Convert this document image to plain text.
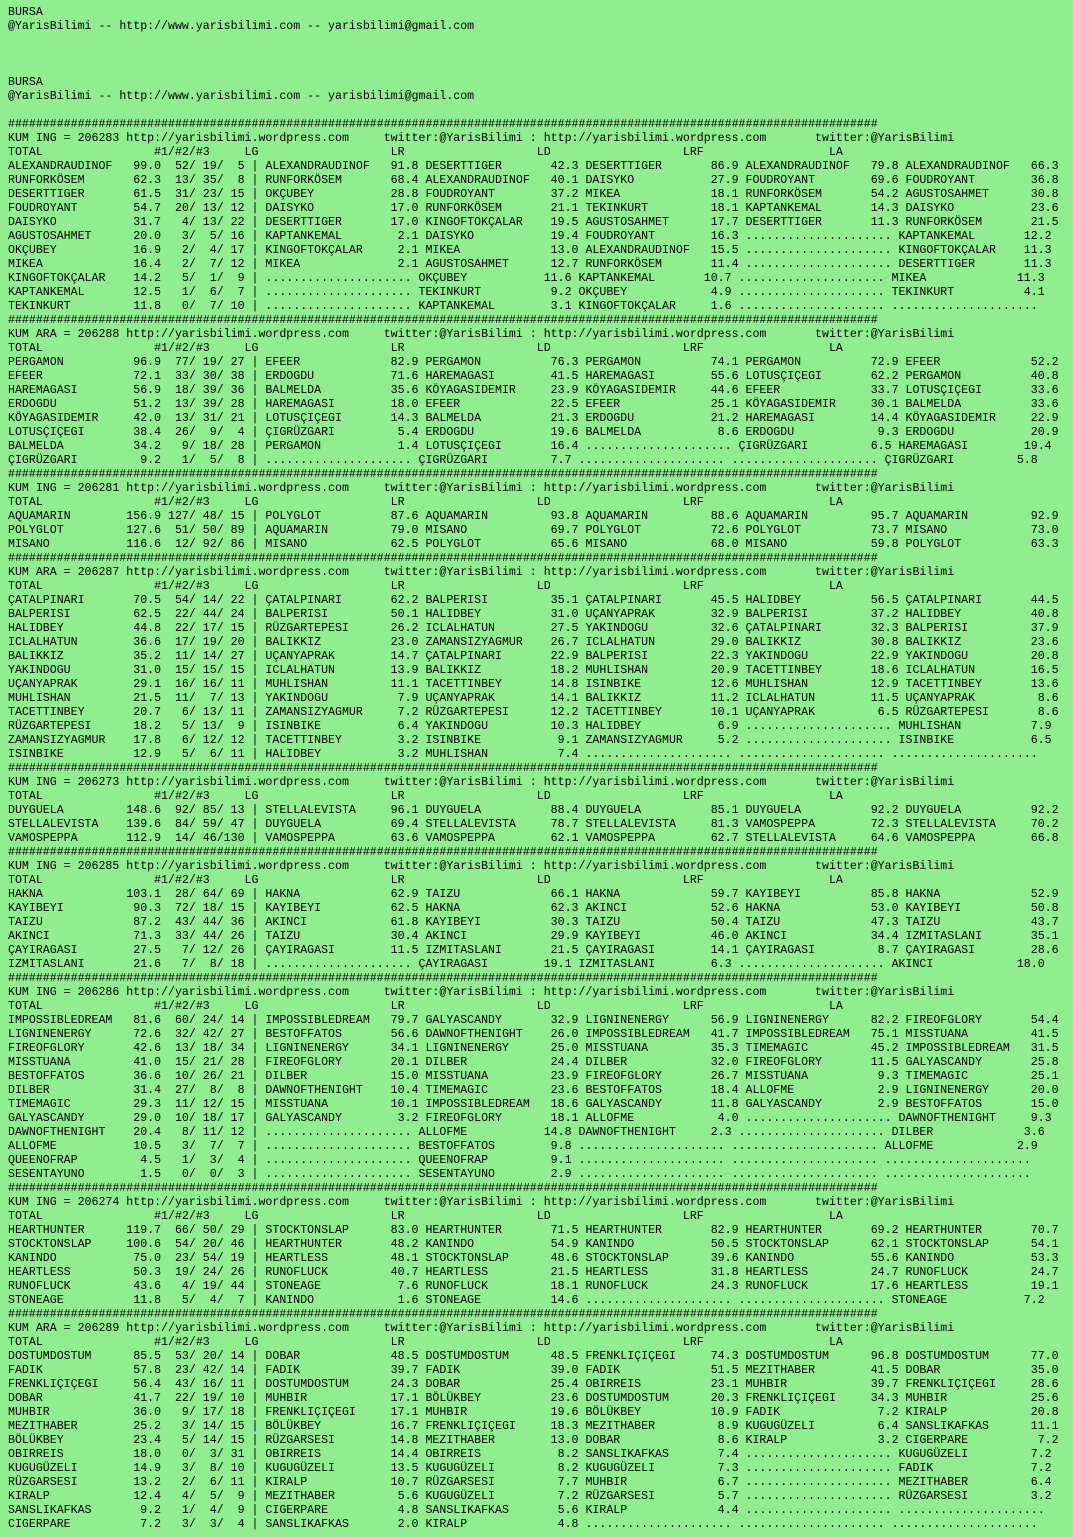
BURSA
@YarisBilimi -- http://www.yarisbilimi.com -- yarisbilimi@gmail.com

BURSA
@YarisBilimi -- http://www.yarisbilimi.com -- yarisbilimi@gmail.com

#############################################################################################################################
KUM ING = 206283 http://yarisbilimi.wordpress.com     twitter:@YarisBilimi : http://yarisbilimi.wordpress.com       twitter:@YarisBilimi
TOTAL                #1/#2/#3     LG                   LR                   LD                   LRF                  LA
ALEXANDRAUDINOF   99.0  52/ 19/  5 | ALEXANDRAUDINOF   91.8 DESERTTIGER       42.3 DESERTTIGER       86.9 ALEXANDRAUDINOF   79.8 ALEXANDRAUDINOF   66.3
RUNFORKÖSEM       62.3  13/ 35/  8 | RUNFORKÖSEM       68.4 ALEXANDRAUDINOF   40.1 DAISYKO           27.9 FOUDROYANT        69.6 FOUDROYANT        36.8
DESERTTIGER       61.5  31/ 23/ 15 | OKÇUBEY           28.8 FOUDROYANT        37.2 MIKEA             18.1 RUNFORKÖSEM       54.2 AGUSTOSAHMET      30.8
FOUDROYANT        54.7  20/ 13/ 12 | DAISYKO           17.0 RUNFORKÖSEM       21.1 TEKINKURT         18.1 KAPTANKEMAL       14.3 DAISYKO           23.6
DAISYKO           31.7   4/ 13/ 22 | DESERTTIGER       17.0 KINGOFTOKÇALAR    19.5 AGUSTOSAHMET      17.7 DESERTTIGER       11.3 RUNFORKÖSEM       21.5
AGUSTOSAHMET      20.0   3/  5/ 16 | KAPTANKEMAL        2.1 DAISYKO           19.4 FOUDROYANT        16.3 ..................... KAPTANKEMAL       12.2
OKÇUBEY           16.9   2/  4/ 17 | KINGOFTOKÇALAR     2.1 MIKEA             13.0 ALEXANDRAUDINOF   15.5 ..................... KINGOFTOKÇALAR    11.3
MIKEA             16.4   2/  7/ 12 | MIKEA              2.1 AGUSTOSAHMET      12.7 RUNFORKÖSEM       11.4 ..................... DESERTTIGER       11.3
KINGOFTOKÇALAR    14.2   5/  1/  9 | ..................... OKÇUBEY           11.6 KAPTANKEMAL       10.7 ..................... MIKEA             11.3
KAPTANKEMAL       12.5   1/  6/  7 | ..................... TEKINKURT          9.2 OKÇUBEY            4.9 ..................... TEKINKURT          4.1
TEKINKURT         11.8   0/  7/ 10 | ..................... KAPTANKEMAL        3.1 KINGOFTOKÇALAR     1.6 ..................... .....................
#############################################################################################################################
KUM ARA = 206288 http://yarisbilimi.wordpress.com     twitter:@YarisBilimi : http://yarisbilimi.wordpress.com       twitter:@YarisBilimi
TOTAL                #1/#2/#3     LG                   LR                   LD                   LRF                  LA
PERGAMON          96.9  77/ 19/ 27 | EFEER             82.9 PERGAMON          76.3 PERGAMON          74.1 PERGAMON          72.9 EFEER             52.2
EFEER             72.1  33/ 30/ 38 | ERDOGDU           71.6 HAREMAGASI        41.5 HAREMAGASI        55.6 LOTUSÇIÇEGI       62.2 PERGAMON          40.8
HAREMAGASI        56.9  18/ 39/ 36 | BALMELDA          35.6 KÖYAGASIDEMIR     23.9 KÖYAGASIDEMIR     44.6 EFEER             33.7 LOTUSÇIÇEGI       33.6
ERDOGDU           51.2  13/ 39/ 28 | HAREMAGASI        18.0 EFEER             22.5 EFEER             25.1 KÖYAGASIDEMIR     30.1 BALMELDA          33.6
KÖYAGASIDEMIR     42.0  13/ 31/ 21 | LOTUSÇIÇEGI       14.3 BALMELDA          21.3 ERDOGDU           21.2 HAREMAGASI        14.4 KÖYAGASIDEMIR     22.9
LOTUSÇIÇEGI       38.4  26/  9/  4 | ÇIGRÜZGARI         5.4 ERDOGDU           19.6 BALMELDA           8.6 ERDOGDU            9.3 ERDOGDU           20.9
BALMELDA          34.2   9/ 18/ 28 | PERGAMON           1.4 LOTUSÇIÇEGI       16.4 ..................... ÇIGRÜZGARI         6.5 HAREMAGASI        19.4
ÇIGRÜZGARI         9.2   1/  5/  8 | ..................... ÇIGRÜZGARI         7.7 ..................... ..................... ÇIGRÜZGARI         5.8
#############################################################################################################################
KUM ING = 206281 http://yarisbilimi.wordpress.com     twitter:@YarisBilimi : http://yarisbilimi.wordpress.com       twitter:@YarisBilimi
TOTAL                #1/#2/#3     LG                   LR                   LD                   LRF                  LA
AQUAMARIN        156.9 127/ 48/ 15 | POLYGLOT          87.6 AQUAMARIN         93.8 AQUAMARIN         88.6 AQUAMARIN         95.7 AQUAMARIN         92.9
POLYGLOT         127.6  51/ 50/ 89 | AQUAMARIN         79.0 MISANO            69.7 POLYGLOT          72.6 POLYGLOT          73.7 MISANO            73.0
MISANO           116.6  12/ 92/ 86 | MISANO            62.5 POLYGLOT          65.6 MISANO            68.0 MISANO            59.8 POLYGLOT          63.3
#############################################################################################################################
KUM ARA = 206287 http://yarisbilimi.wordpress.com     twitter:@YarisBilimi : http://yarisbilimi.wordpress.com       twitter:@YarisBilimi
TOTAL                #1/#2/#3     LG                   LR                   LD                   LRF                  LA
ÇATALPINARI       70.5  54/ 14/ 22 | ÇATALPINARI       62.2 BALPERISI         35.1 ÇATALPINARI       45.5 HALIDBEY          56.5 ÇATALPINARI       44.5
BALPERISI         62.5  22/ 44/ 24 | BALPERISI         50.1 HALIDBEY          31.0 UÇANYAPRAK        32.9 BALPERISI         37.2 HALIDBEY          40.8
HALIDBEY          44.8  22/ 17/ 15 | RÜZGARTEPESI      26.2 ICLALHATUN        27.5 YAKINDOGU         32.6 ÇATALPINARI       32.3 BALPERISI         37.9
ICLALHATUN        36.6  17/ 19/ 20 | BALIKKIZ          23.0 ZAMANSIZYAGMUR    26.7 ICLALHATUN        29.0 BALIKKIZ          30.8 BALIKKIZ          23.6
BALIKKIZ          35.2  11/ 14/ 27 | UÇANYAPRAK        14.7 ÇATALPINARI       22.9 BALPERISI         22.3 YAKINDOGU         22.9 YAKINDOGU         20.8
YAKINDOGU         31.0  15/ 15/ 15 | ICLALHATUN        13.9 BALIKKIZ          18.2 MUHLISHAN         20.9 TACETTINBEY       18.6 ICLALHATUN        16.5
UÇANYAPRAK        29.1  16/ 16/ 11 | MUHLISHAN         11.1 TACETTINBEY       14.8 ISINBIKE          12.6 MUHLISHAN         12.9 TACETTINBEY       13.6
MUHLISHAN         21.5  11/  7/ 13 | YAKINDOGU          7.9 UÇANYAPRAK        14.1 BALIKKIZ          11.2 ICLALHATUN        11.5 UÇANYAPRAK         8.6
TACETTINBEY       20.7   6/ 13/ 11 | ZAMANSIZYAGMUR     7.2 RÜZGARTEPESI      12.2 TACETTINBEY       10.1 UÇANYAPRAK         6.5 RÜZGARTEPESI       8.6
RÜZGARTEPESI      18.2   5/ 13/  9 | ISINBIKE           6.4 YAKINDOGU         10.3 HALIDBEY           6.9 ..................... MUHLISHAN          7.9
ZAMANSIZYAGMUR    17.8   6/ 12/ 12 | TACETTINBEY        3.2 ISINBIKE           9.1 ZAMANSIZYAGMUR     5.2 ..................... ISINBIKE           6.5
ISINBIKE          12.9   5/  6/ 11 | HALIDBEY           3.2 MUHLISHAN          7.4 ..................... ..................... .....................
#############################################################################################################################
KUM ING = 206273 http://yarisbilimi.wordpress.com     twitter:@YarisBilimi : http://yarisbilimi.wordpress.com       twitter:@YarisBilimi
TOTAL                #1/#2/#3     LG                   LR                   LD                   LRF                  LA
DUYGUELA         148.6  92/ 85/ 13 | STELLALEVISTA     96.1 DUYGUELA          88.4 DUYGUELA          85.1 DUYGUELA          92.2 DUYGUELA          92.2
STELLALEVISTA    139.6  84/ 59/ 47 | DUYGUELA          69.4 STELLALEVISTA     78.7 STELLALEVISTA     81.3 VAMOSPEPPA        72.3 STELLALEVISTA     70.2
VAMOSPEPPA       112.9  14/ 46/130 | VAMOSPEPPA        63.6 VAMOSPEPPA        62.1 VAMOSPEPPA        62.7 STELLALEVISTA     64.6 VAMOSPEPPA        66.8
#############################################################################################################################
KUM ING = 206285 http://yarisbilimi.wordpress.com     twitter:@YarisBilimi : http://yarisbilimi.wordpress.com       twitter:@YarisBilimi
TOTAL                #1/#2/#3     LG                   LR                   LD                   LRF                  LA
HAKNA            103.1  28/ 64/ 69 | HAKNA             62.9 TAIZU             66.1 HAKNA             59.7 KAYIBEYI          85.8 HAKNA             52.9
KAYIBEYI          90.3  72/ 18/ 15 | KAYIBEYI          62.5 HAKNA             62.3 AKINCI            52.6 HAKNA             53.0 KAYIBEYI          50.8
TAIZU             87.2  43/ 44/ 36 | AKINCI            61.8 KAYIBEYI          30.3 TAIZU             50.4 TAIZU             47.3 TAIZU             43.7
AKINCI            71.3  33/ 44/ 26 | TAIZU             30.4 AKINCI            29.9 KAYIBEYI          46.0 AKINCI            34.4 IZMITASLANI       35.1
ÇAYIRAGASI        27.5   7/ 12/ 26 | ÇAYIRAGASI        11.5 IZMITASLANI       21.5 ÇAYIRAGASI        14.1 ÇAYIRAGASI         8.7 ÇAYIRAGASI        28.6
IZMITASLANI       21.6   7/  8/ 18 | ..................... ÇAYIRAGASI        19.1 IZMITASLANI        6.3 ..................... AKINCI            18.0
#############################################################################################################################
KUM ING = 206286 http://yarisbilimi.wordpress.com     twitter:@YarisBilimi : http://yarisbilimi.wordpress.com       twitter:@YarisBilimi
TOTAL                #1/#2/#3     LG                   LR                   LD                   LRF                  LA
IMPOSSIBLEDREAM   81.6  60/ 24/ 14 | IMPOSSIBLEDREAM   79.7 GALYASCANDY       32.9 LIGNINENERGY      56.9 LIGNINENERGY      82.2 FIREOFGLORY       54.4
LIGNINENERGY      72.6  32/ 42/ 27 | BESTOFFATOS       56.6 DAWNOFTHENIGHT    26.0 IMPOSSIBLEDREAM   41.7 IMPOSSIBLEDREAM   75.1 MISSTUANA         41.5
FIREOFGLORY       42.6  13/ 18/ 34 | LIGNINENERGY      34.1 LIGNINENERGY      25.0 MISSTUANA         35.3 TIMEMAGIC         45.2 IMPOSSIBLEDREAM   31.5
MISSTUANA         41.0  15/ 21/ 28 | FIREOFGLORY       20.1 DILBER            24.4 DILBER            32.0 FIREOFGLORY       11.5 GALYASCANDY       25.8
BESTOFFATOS       36.6  10/ 26/ 21 | DILBER            15.0 MISSTUANA         23.9 FIREOFGLORY       26.7 MISSTUANA          9.3 TIMEMAGIC         25.1
DILBER            31.4  27/  8/  8 | DAWNOFTHENIGHT    10.4 TIMEMAGIC         23.6 BESTOFFATOS       18.4 ALLOFME            2.9 LIGNINENERGY      20.0
TIMEMAGIC         29.3  11/ 12/ 15 | MISSTUANA         10.1 IMPOSSIBLEDREAM   18.6 GALYASCANDY       11.8 GALYASCANDY        2.9 BESTOFFATOS       15.0
GALYASCANDY       29.0  10/ 18/ 17 | GALYASCANDY        3.2 FIREOFGLORY       18.1 ALLOFME            4.0 ..................... DAWNOFTHENIGHT     9.3
DAWNOFTHENIGHT    20.4   8/ 11/ 12 | ..................... ALLOFME           14.8 DAWNOFTHENIGHT     2.3 ..................... DILBER             3.6
ALLOFME           10.5   3/  7/  7 | ..................... BESTOFFATOS        9.8 ..................... ..................... ALLOFME            2.9
QUEENOFRAP         4.5   1/  3/  4 | ..................... QUEENOFRAP         9.1 ..................... ..................... .....................
SESENTAYUNO        1.5   0/  0/  3 | ..................... SESENTAYUNO        2.9 ..................... ..................... .....................
#############################################################################################################################
KUM ING = 206274 http://yarisbilimi.wordpress.com     twitter:@YarisBilimi : http://yarisbilimi.wordpress.com       twitter:@YarisBilimi
TOTAL                #1/#2/#3     LG                   LR                   LD                   LRF                  LA
HEARTHUNTER      119.7  66/ 50/ 29 | STOCKTONSLAP      83.0 HEARTHUNTER       71.5 HEARTHUNTER       82.9 HEARTHUNTER       69.2 HEARTHUNTER       70.7
STOCKTONSLAP     100.6  54/ 20/ 46 | HEARTHUNTER       48.2 KANINDO           54.9 KANINDO           50.5 STOCKTONSLAP      62.1 STOCKTONSLAP      54.1
KANINDO           75.0  23/ 54/ 19 | HEARTLESS         48.1 STOCKTONSLAP      48.6 STOCKTONSLAP      39.6 KANINDO           55.6 KANINDO           53.3
HEARTLESS         50.3  19/ 24/ 26 | RUNOFLUCK         40.7 HEARTLESS         21.5 HEARTLESS         31.8 HEARTLESS         24.7 RUNOFLUCK         24.7
RUNOFLUCK         43.6   4/ 19/ 44 | STONEAGE           7.6 RUNOFLUCK         18.1 RUNOFLUCK         24.3 RUNOFLUCK         17.6 HEARTLESS         19.1
STONEAGE          11.8   5/  4/  7 | KANINDO            1.6 STONEAGE          14.6 ..................... ..................... STONEAGE           7.2
#############################################################################################################################
KUM ARA = 206289 http://yarisbilimi.wordpress.com     twitter:@YarisBilimi : http://yarisbilimi.wordpress.com       twitter:@YarisBilimi
TOTAL                #1/#2/#3     LG                   LR                   LD                   LRF                  LA
DOSTUMDOSTUM      85.5  53/ 20/ 14 | DOBAR             48.5 DOSTUMDOSTUM      48.5 FRENKLIÇIÇEGI     74.3 DOSTUMDOSTUM      96.8 DOSTUMDOSTUM      77.0
FADIK             57.8  23/ 42/ 14 | FADIK             39.7 FADIK             39.0 FADIK             51.5 MEZITHABER        41.5 DOBAR             35.0
FRENKLIÇIÇEGI     56.4  43/ 16/ 11 | DOSTUMDOSTUM      24.3 DOBAR             25.4 OBIRREIS          23.1 MUHBIR            39.7 FRENKLIÇIÇEGI     28.6
DOBAR             41.7  22/ 19/ 10 | MUHBIR            17.1 BÖLÜKBEY          23.6 DOSTUMDOSTUM      20.3 FRENKLIÇIÇEGI     34.3 MUHBIR            25.6
MUHBIR            36.0   9/ 17/ 18 | FRENKLIÇIÇEGI     17.1 MUHBIR            19.6 BÖLÜKBEY          10.9 FADIK              7.2 KIRALP            20.8
MEZITHABER        25.2   3/ 14/ 15 | BÖLÜKBEY          16.7 FRENKLIÇIÇEGI     18.3 MEZITHABER         8.9 KUGUGÜZELI         6.4 SANSLIKAFKAS      11.1
BÖLÜKBEY          23.4   5/ 14/ 15 | RÜZGARSESI        14.8 MEZITHABER        13.0 DOBAR              8.6 KIRALP             3.2 CIGERPARE          7.2
OBIRREIS          18.0   0/  3/ 31 | OBIRREIS          14.4 OBIRREIS           8.2 SANSLIKAFKAS       7.4 ..................... KUGUGÜZELI         7.2
KUGUGÜZELI        14.9   3/  8/ 10 | KUGUGÜZELI        13.5 KUGUGÜZELI         8.2 KUGUGÜZELI         7.3 ..................... FADIK              7.2
RÜZGARSESI        13.2   2/  6/ 11 | KIRALP            10.7 RÜZGARSESI         7.7 MUHBIR             6.7 ..................... MEZITHABER         6.4
KIRALP            12.4   4/  5/  9 | MEZITHABER         5.6 KUGUGÜZELI         7.2 RÜZGARSESI         5.7 ..................... RÜZGARSESI         3.2
SANSLIKAFKAS       9.2   1/  4/  9 | CIGERPARE          4.8 SANSLIKAFKAS       5.6 KIRALP             4.4 ..................... .....................
CIGERPARE          7.2   3/  3/  4 | SANSLIKAFKAS       2.0 KIRALP             4.8 ..................... ..................... .....................
